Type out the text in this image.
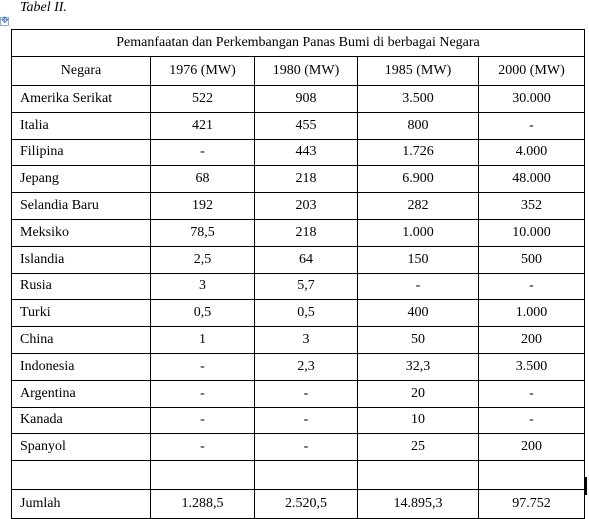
Tabel II.
✥
Pemanfaatan dan Perkembangan Panas Bumi di berbagai Negara				
Negara	1976 (MW)	1980 (MW)	1985 (MW)	2000 (MW)
Amerika Serikat	522	908	3.500	30.000
Italia	421	455	800	-
Filipina	-	443	1.726	4.000
Jepang	68	218	6.900	48.000
Selandia Baru	192	203	282	352
Meksiko	78,5	218	1.000	10.000
Islandia	2,5	64	150	500
Rusia	3	5,7	-	-
Turki	0,5	0,5	400	1.000
China	1	3	50	200
Indonesia	-	2,3	32,3	3.500
Argentina	-	-	20	-
Kanada	-	-	10	-
Spanyol	-	-	25	200

Jumlah	1.288,5	2.520,5	14.895,3	97.752
